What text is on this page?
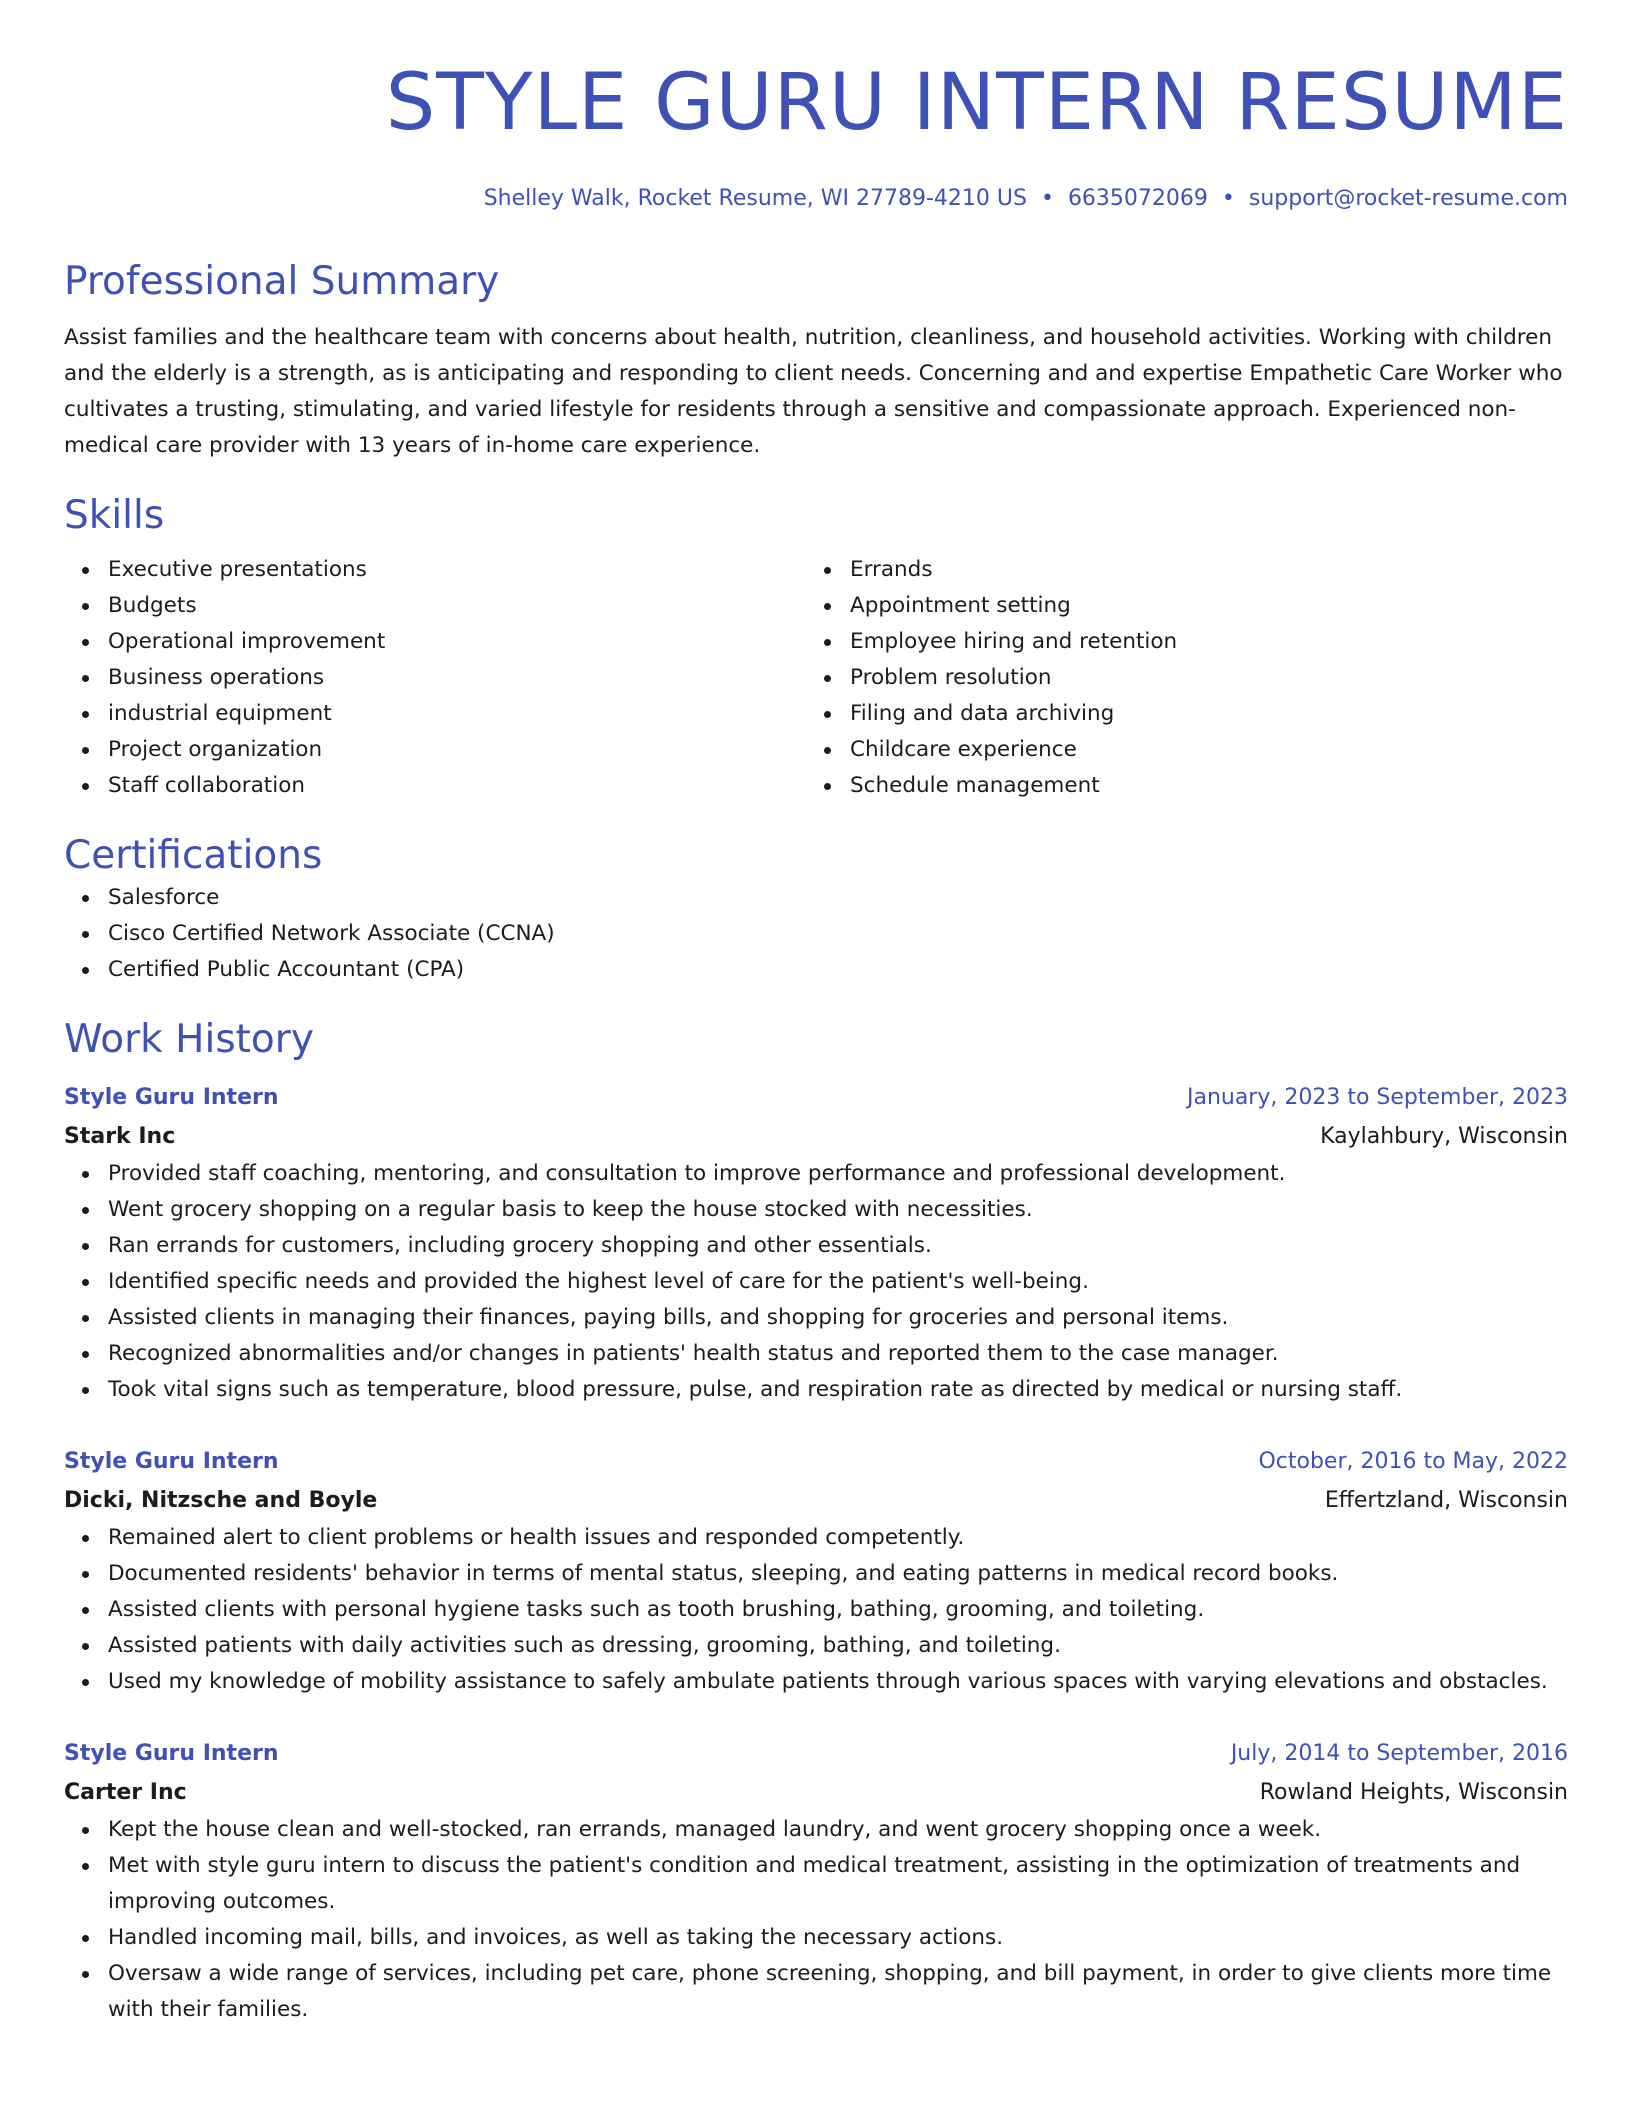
STYLE GURU INTERN RESUME
Shelley Walk, Rocket Resume, WI 27789-4210 US • 6635072069 • support@rocket-resume.com
Professional Summary
Assist families and the healthcare team with concerns about health, nutrition, cleanliness, and household activities. Working with children and the elderly is a strength, as is anticipating and responding to client needs. Concerning and and expertise Empathetic Care Worker who cultivates a trusting, stimulating, and varied lifestyle for residents through a sensitive and compassionate approach. Experienced non-medical care provider with 13 years of in-home care experience.
Skills
Executive presentations
Budgets
Operational improvement
Business operations
industrial equipment
Project organization
Staff collaboration
Errands
Appointment setting
Employee hiring and retention
Problem resolution
Filing and data archiving
Childcare experience
Schedule management
Certifications
Salesforce
Cisco Certified Network Associate (CCNA)
Certified Public Accountant (CPA)
Work History
Style Guru Intern	January, 2023 to September, 2023
Stark Inc	Kaylahbury, Wisconsin
Provided staff coaching, mentoring, and consultation to improve performance and professional development.
Went grocery shopping on a regular basis to keep the house stocked with necessities.
Ran errands for customers, including grocery shopping and other essentials.
Identified specific needs and provided the highest level of care for the patient's well-being.
Assisted clients in managing their finances, paying bills, and shopping for groceries and personal items.
Recognized abnormalities and/or changes in patients' health status and reported them to the case manager.
Took vital signs such as temperature, blood pressure, pulse, and respiration rate as directed by medical or nursing staff.
Style Guru Intern	October, 2016 to May, 2022
Dicki, Nitzsche and Boyle	Effertzland, Wisconsin
Remained alert to client problems or health issues and responded competently.
Documented residents' behavior in terms of mental status, sleeping, and eating patterns in medical record books.
Assisted clients with personal hygiene tasks such as tooth brushing, bathing, grooming, and toileting.
Assisted patients with daily activities such as dressing, grooming, bathing, and toileting.
Used my knowledge of mobility assistance to safely ambulate patients through various spaces with varying elevations and obstacles.
Style Guru Intern	July, 2014 to September, 2016
Carter Inc	Rowland Heights, Wisconsin
Kept the house clean and well-stocked, ran errands, managed laundry, and went grocery shopping once a week.
Met with style guru intern to discuss the patient's condition and medical treatment, assisting in the optimization of treatments and improving outcomes.
Handled incoming mail, bills, and invoices, as well as taking the necessary actions.
Oversaw a wide range of services, including pet care, phone screening, shopping, and bill payment, in order to give clients more time with their families.
